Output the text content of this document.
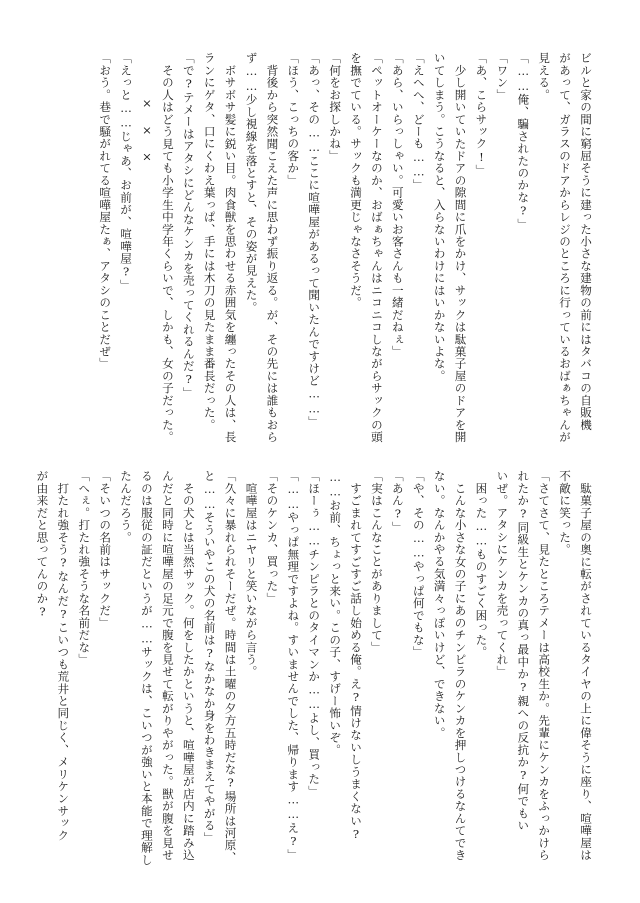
ビルと家の間に窮屈そうに建った小さな建物の前にはタバコの自販機
があって、ガラスのドアからレジのところに行っているおばぁちゃんが
見える。
「……俺、騙されたのかな?」
「ワン」
「あ、こらサック!」
少し開いていたドアの隙間に爪をかけ、サックは駄菓子屋のドアを開
いてしまう。こうなると、入らないわけにはいかないよな。
「えへへ、どーも……」
「あら、いらっしゃい。可愛いお客さんも一緒だねぇ」
「ペットオーケーなのか、おばぁちゃんはニコニコしながらサックの頭
を撫でている。サックも満更じゃなさそうだ。
「何をお探しかね」
「あっ、その……ここに喧嘩屋があるって聞いたんですけど……」
「ほう、こっちの客か」
背後から突然聞こえた声に思わず振り返る。が、その先には誰もおら
ず……少し視線を落とすと、その姿が見えた。
ボサボサ髪に鋭い目。肉食獣を思わせる赤囲気を纏ったその人は、長
ランにゲタ、口にくわえ葉っぱ、手には木刀の見たまま番長だった。
「で?テメーはアタシにどんなケンカを売ってくれるんだ?」
その人はどう見ても小学生中学年くらいで、しかも、女の子だった。
×　×　×
「えっと……じゃあ、お前が、喧嘩屋?」
「おう。巷で騒がれてる喧嘩屋たぁ、アタシのことだぜ」
駄菓子屋の奥に転がされているタイヤの上に偉そうに座り、喧嘩屋は
不敵に笑った。
「さてさて、見たところテメーは高校生か。先輩にケンカをふっかけら
れたか?同級生とケンカの真っ最中か?親への反抗か?何でもい
いぜ。アタシにケンカを売ってくれ」
困った……ものすごく困った。
こんな小さな女の子にあのチンピラのケンカを押しつけるなんてでき
ない。なんかやる気満々っぽいけど、できない。
「や、その……やっぱ何でもな」
「あん?」
「実はこんなことがありまして」
すごまれてすごすご話し始める俺。え?情けないしうまくない?
……お前、ちょっと来い。この子、すげー怖いぞ。
「ほーぅ……チンピラとのタイマンか……よし、買った」
「……やっぱ無理ですよね。すいませんでした、帰ります……え?」
「そのケンカ、買った」
喧嘩屋はニヤリと笑いながら言う。
「久々に暴れられそーだぜ。時間は土曜の夕方五時だな?場所は河原、
と……そういやこの犬の名前は?なかなか身をわきまえてやがる」
その犬とは当然サック。何をしたかというと、喧嘩屋が店内に踏み込
んだと同時に喧嘩屋の足元で腹を見せて転がりやがった。獣が腹を見せ
るのは服従の証だというが……サックは、こいつが強いと本能で理解し
たんだろう。
「そいつの名前はサックだ」
「へぇ。打たれ強そうな名前だな」
打たれ強そう?なんだ?こいつも荒井と同じく、メリケンサック
が由来だと思ってんのか?
